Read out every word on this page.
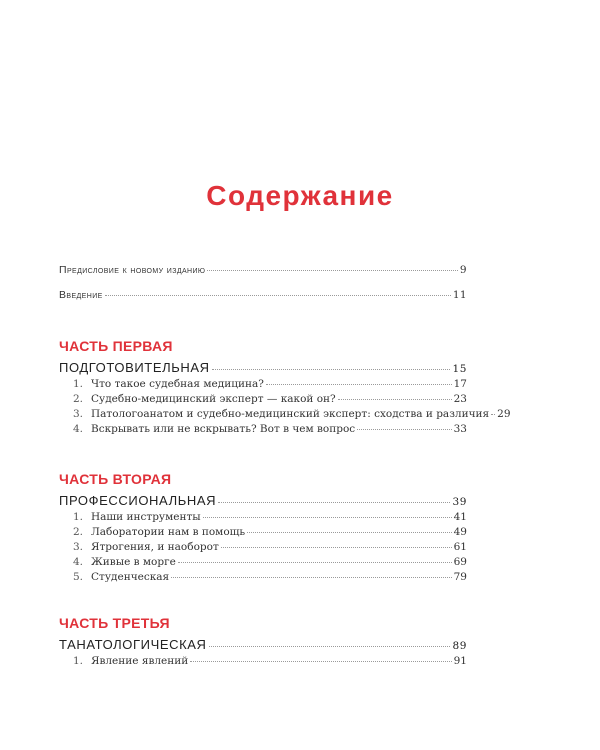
Содержание
Предисловие к новому изданию	9
Введение	11
ЧАСТЬ ПЕРВАЯ
ПОДГОТОВИТЕЛЬНАЯ	15
1. Что такое судебная медицина?	17
2. Судебно-медицинский эксперт — какой он?	23
3. Патологоанатом и судебно-медицинский эксперт: сходства и различия 29
4. Вскрывать или не вскрывать? Вот в чем вопрос	33
ЧАСТЬ ВТОРАЯ
ПРОФЕССИОНАЛЬНАЯ	39
1. Наши инструменты	41
2. Лаборатории нам в помощь	49
3. Ятрогения, и наоборот	61
4. Живые в морге	69
5. Студенческая	79
ЧАСТЬ ТРЕТЬЯ
ТАНАТОЛОГИЧЕСКАЯ	89
1. Явление явлений	91
